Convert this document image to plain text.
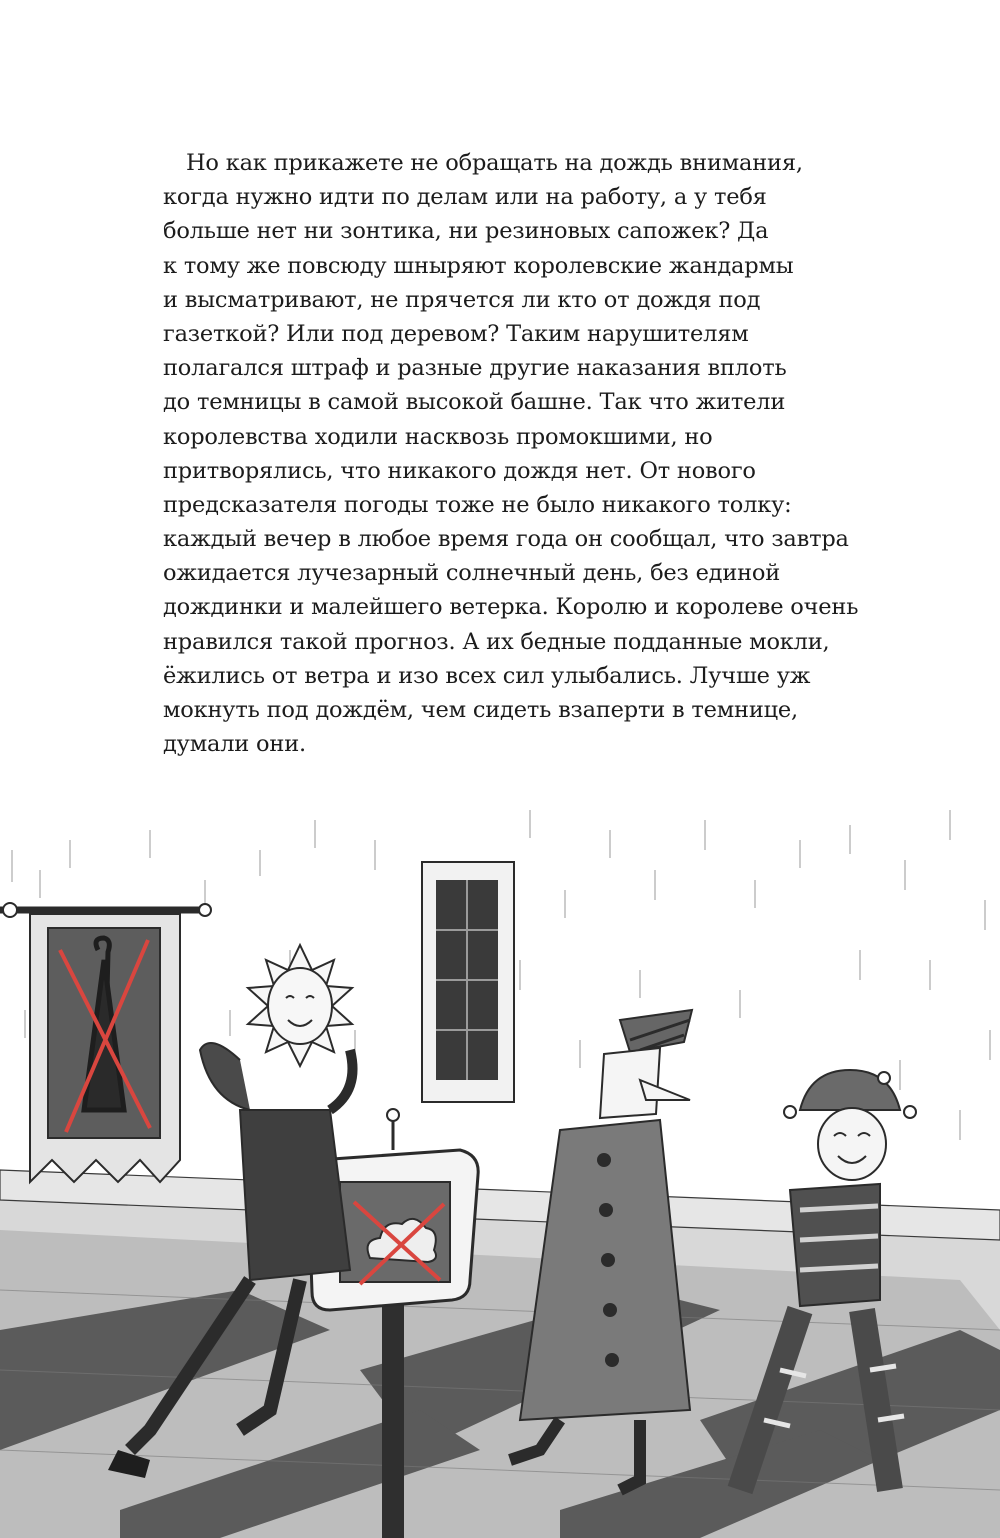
Но как прикажете не обращать на дождь внимания,
когда нужно идти по делам или на работу, а у тебя
больше нет ни зонтика, ни резиновых сапожек? Да
к тому же повсюду шныряют королевские жандармы
и высматривают, не прячется ли кто от дождя под
газеткой? Или под деревом? Таким нарушителям
полагался штраф и разные другие наказания вплоть
до темницы в самой высокой башне. Так что жители
королевства ходили насквозь промокшими, но
притворялись, что никакого дождя нет. От нового
предсказателя погоды тоже не было никакого толку:
каждый вечер в любое время года он сообщал, что завтра
ожидается лучезарный солнечный день, без единой
дождинки и малейшего ветерка. Королю и королеве очень
нравился такой прогноз. А их бедные подданные мокли,
ёжились от ветра и изо всех сил улыбались. Лучше уж
мокнуть под дождём, чем сидеть взаперти в темнице,
думали они.
